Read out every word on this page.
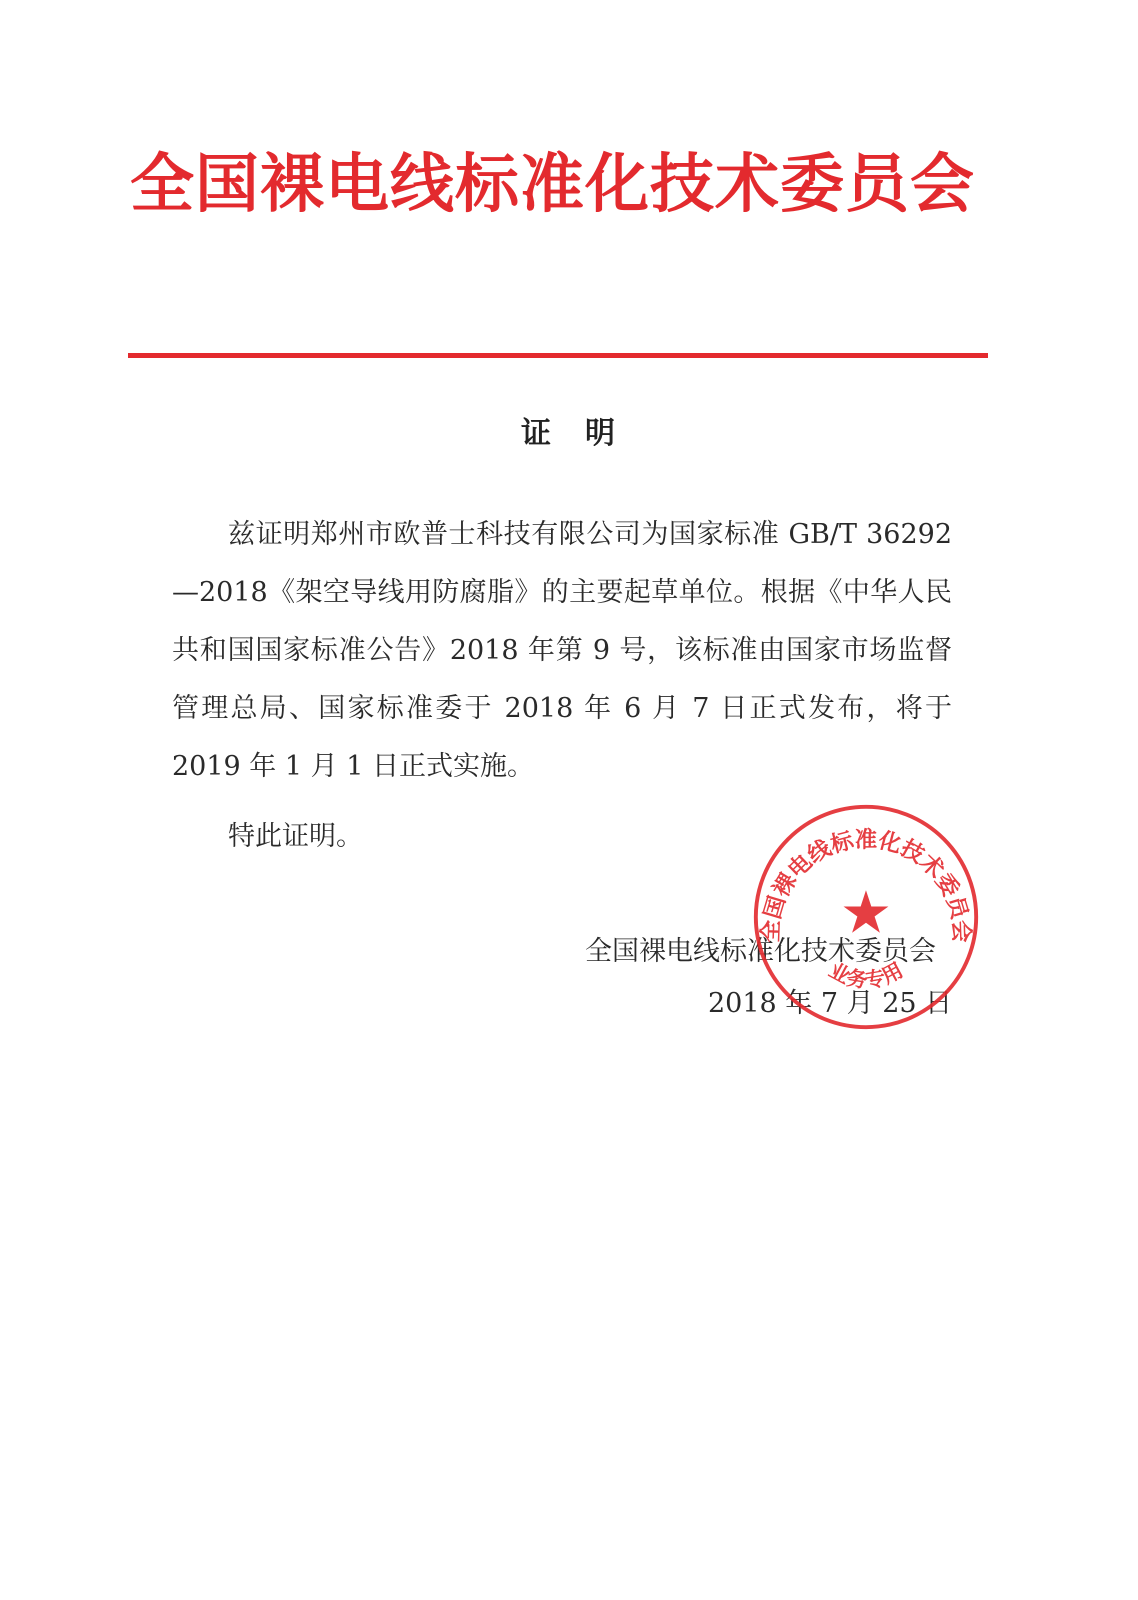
全国裸电线标准化技术委员会
证　明

兹证明郑州市欧普士科技有限公司为国家标准 GB/T 36292—2018《架空导线用防腐脂》的主要起草单位。根据《中华人民共和国国家标准公告》2018 年第 9 号，该标准由国家市场监督管理总局、国家标准委于 2018 年 6 月 7 日正式发布，将于 2019 年 1 月 1 日正式实施。

特此证明。

全国裸电线标准化技术委员会

2018 年 7 月 25 日

全国裸电线标准化技术委员会
★
业务专用
